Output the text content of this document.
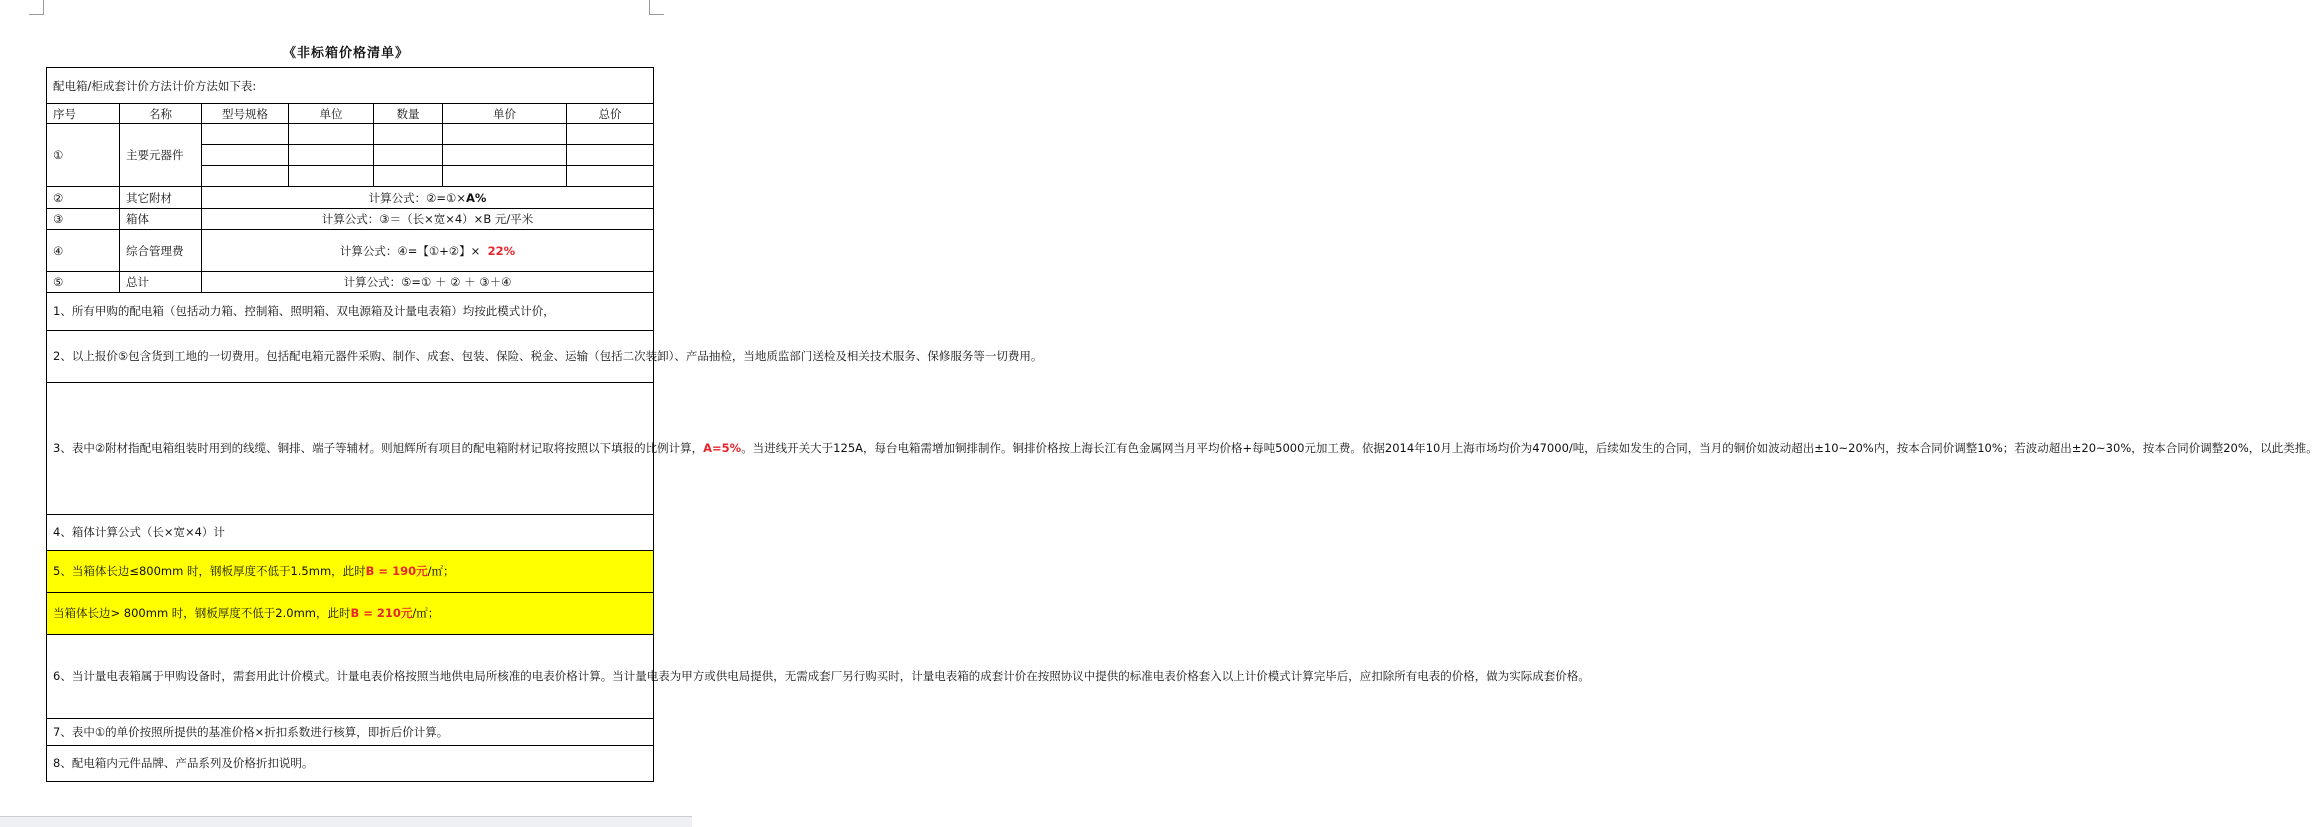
《非标箱价格清单》
配电箱/柜成套计价方法计价方法如下表:						
序号	名称	型号规格	单位	数量	单价	总价
①	主要元器件					

②	其它附材	计算公式：②=①×A%				
③	箱体	计算公式：③＝（长×宽×4）×B 元/平米				
④	综合管理费	计算公式：④=【①+②】× 22%				
⑤	总计	计算公式：⑤=① ＋ ② ＋ ③＋④				
1、所有甲购的配电箱（包括动力箱、控制箱、照明箱、双电源箱及计量电表箱）均按此模式计价，						
2、以上报价⑤包含货到工地的一切费用。包括配电箱元器件采购、制作、成套、包装、保险、税金、运输（包括二次装卸）、产品抽检，当地质监部门送检及相关技术服务、保修服务等一切费用。						
3、表中②附材指配电箱组装时用到的线缆、铜排、端子等辅材。则旭辉所有项目的配电箱附材记取将按照以下填报的比例计算，A=5%。当进线开关大于125A，每台电箱需增加铜排制作。铜排价格按上海长江有色金属网当月平均价格+每吨5000元加工费。依据2014年10月上海市场均价为47000/吨，后续如发生的合同，当月的铜价如波动超出±10~20%内，按本合同价调整10%；若波动超出±20~30%，按本合同价调整20%，以此类推。						
4、箱体计算公式（长×宽×4）计						
5、当箱体长边≤800mm 时，钢板厚度不低于1.5mm，此时B = 190元/㎡；						
当箱体长边> 800mm 时，钢板厚度不低于2.0mm，此时B = 210元/㎡；						
6、当计量电表箱属于甲购设备时，需套用此计价模式。计量电表价格按照当地供电局所核准的电表价格计算。当计量电表为甲方或供电局提供，无需成套厂另行购买时，计量电表箱的成套计价在按照协议中提供的标准电表价格套入以上计价模式计算完毕后，应扣除所有电表的价格，做为实际成套价格。						
7、表中①的单价按照所提供的基准价格×折扣系数进行核算，即折后价计算。						
8、配电箱内元件品牌、产品系列及价格折扣说明。						
